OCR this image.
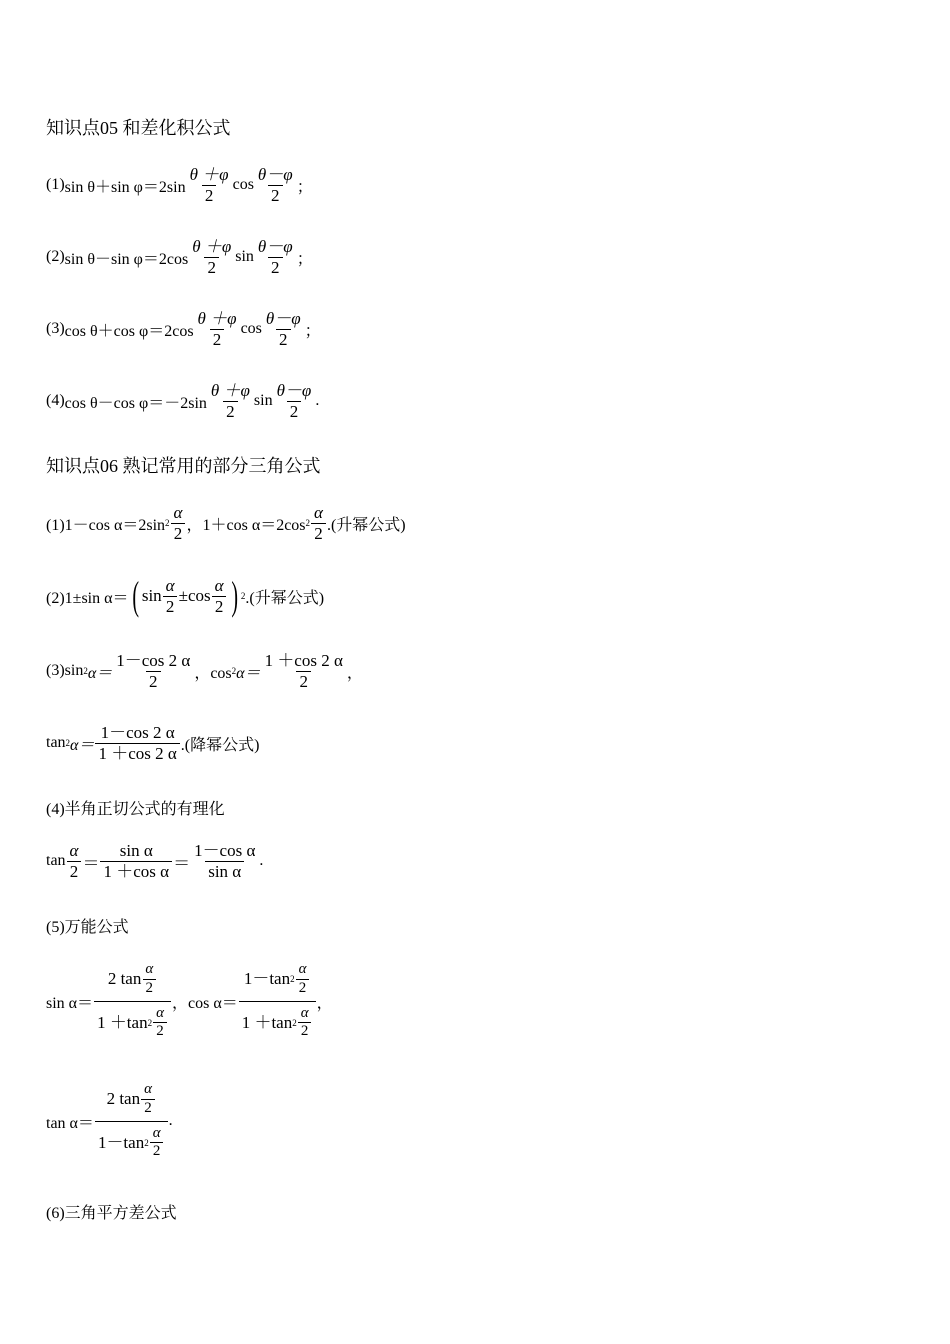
知识点05 和差化积公式
(1) sin θ＋sin $\varphi=2\sin \frac{\theta +\varphi}{2}$ $\cos \frac{\theta-\varphi}{2}$ ；
(2) sin θ－sin $\varphi=2\cos \frac{\theta +\varphi}{2}$ $\sin \frac{\theta-\varphi}{2}$ ；
(3) cos θ＋cos $\varphi=2\cos \frac{\theta +\varphi}{2}$ $\cos \frac{\theta-\varphi}{2}$ ；
(4) cos θ－cos $\varphi=-2\sin \frac{\theta +\varphi}{2}$ $\sin \frac{\theta-\varphi}{2}$ .
知识点06 熟记常用的部分三角公式
(1)1－cos α＝2sin $2 \frac{\alpha}{2}$ ，1＋cos α＝2cos $2 \frac{\alpha}{2}$ .(升幂公式)
(2)1±sin α＝ ( $\sin \frac{\alpha}{2} \pm \cos \frac{\alpha}{2}$ ) 2 .(升幂公式)
(3)sin 2 $\alpha= \frac{1-\cos 2 \alpha}{2}$ ，cos 2 $\alpha= \frac{1 +\cos 2 \alpha}{2}$ ，
tan 2 $\alpha= \frac{1-\cos 2 \alpha}{1 +\cos 2 \alpha}$ .(降幂公式)
(4)半角正切公式的有理化
$\tan \frac{\alpha}{2} = \frac{\text{sin α}}{\text{1 ＋cos α}} = \frac{\text{1－cos α}}{\text{sin α}}$ .
(5)万能公式
$\sin \alpha= \frac{2 \tan \frac{\alpha}{2}}{1 +\tan 2 \frac{\alpha}{2}}$ ， $\cos \alpha= \frac{1-\tan 2 \frac{\alpha}{2}}{1 +\tan 2 \frac{\alpha}{2}}$ ，
$\tan \alpha= \frac{2 \tan \frac{\alpha}{2}}{1-\tan 2 \frac{\alpha}{2}}$ .
(6)三角平方差公式
